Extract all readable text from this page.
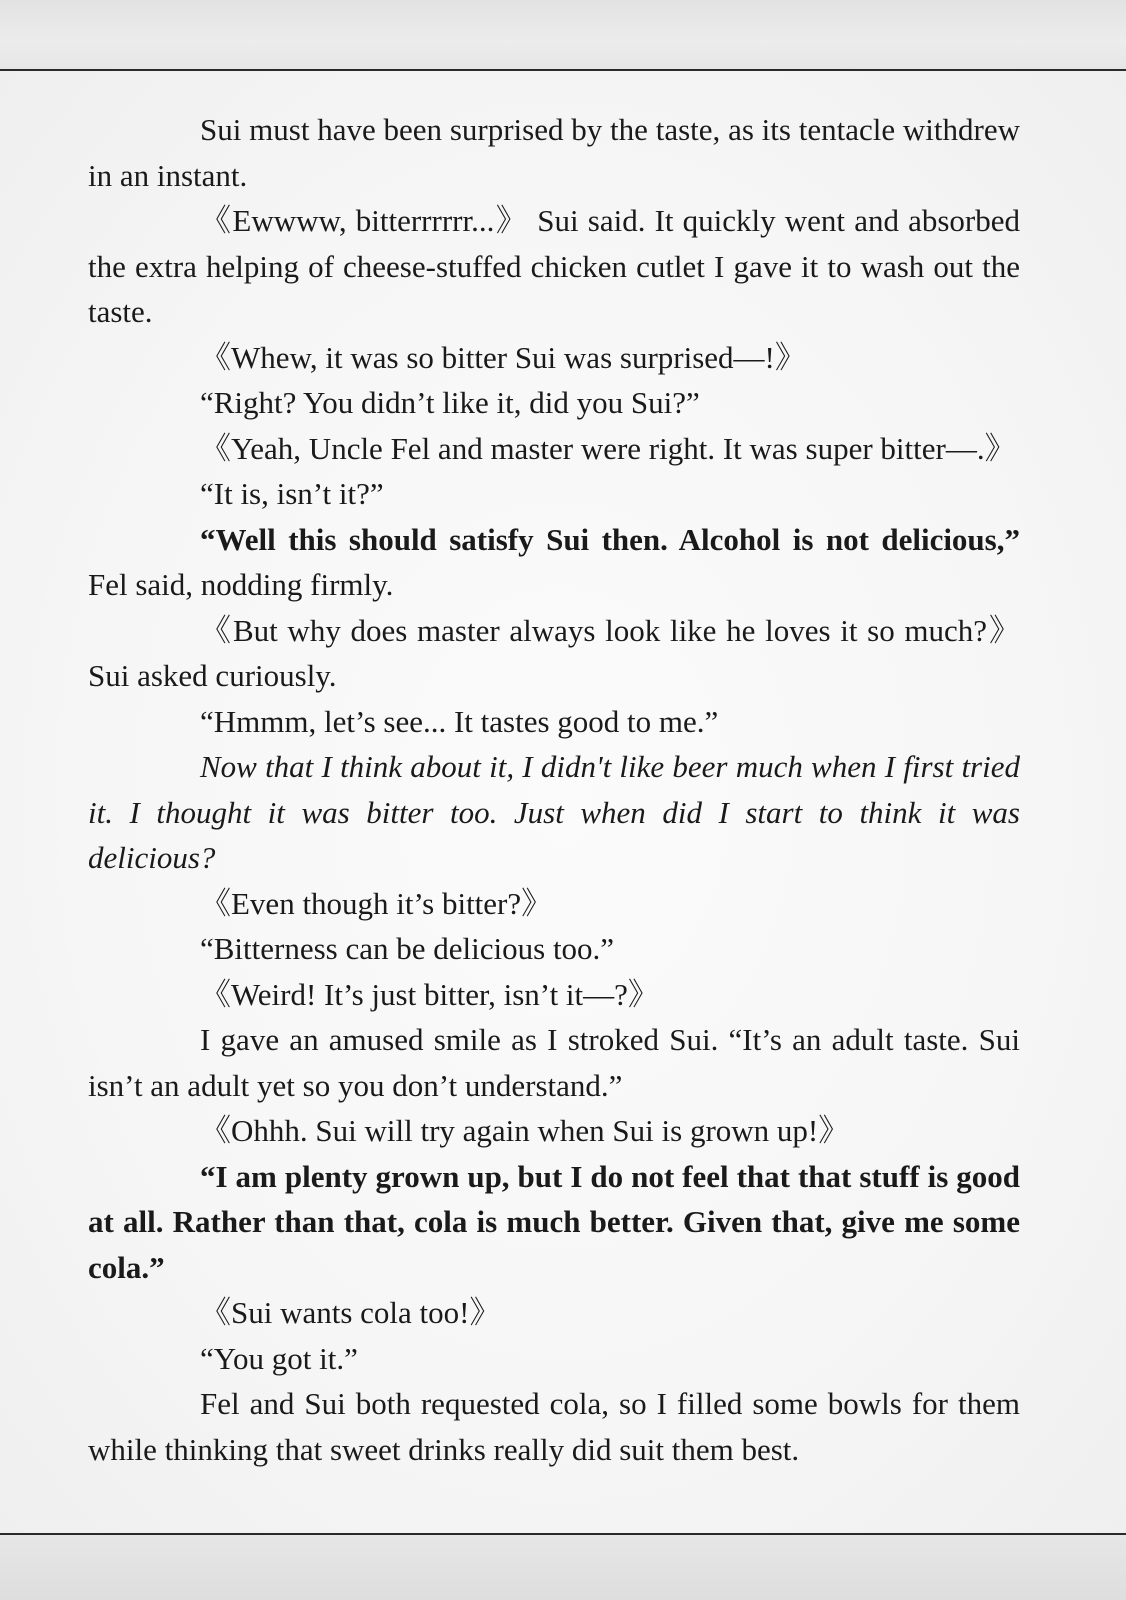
Sui must have been surprised by the taste, as its tentacle withdrew in an instant.

《Ewwww, bitterrrrrr...》 Sui said. It quickly went and absorbed the extra helping of cheese-stuffed chicken cutlet I gave it to wash out the taste.

《Whew, it was so bitter Sui was surprised—!》

“Right? You didn’t like it, did you Sui?”

《Yeah, Uncle Fel and master were right. It was super bitter—.》

“It is, isn’t it?”

“Well this should satisfy Sui then. Alcohol is not delicious,” Fel said, nodding firmly.

《But why does master always look like he loves it so much?》 Sui asked curiously.

“Hmmm, let’s see... It tastes good to me.”

Now that I think about it, I didn't like beer much when I first tried it. I thought it was bitter too. Just when did I start to think it was delicious?

《Even though it’s bitter?》

“Bitterness can be delicious too.”

《Weird! It’s just bitter, isn’t it—?》

I gave an amused smile as I stroked Sui. “It’s an adult taste. Sui isn’t an adult yet so you don’t understand.”

《Ohhh. Sui will try again when Sui is grown up!》

“I am plenty grown up, but I do not feel that that stuff is good at all. Rather than that, cola is much better. Given that, give me some cola.”

《Sui wants cola too!》

“You got it.”

Fel and Sui both requested cola, so I filled some bowls for them while thinking that sweet drinks really did suit them best.
